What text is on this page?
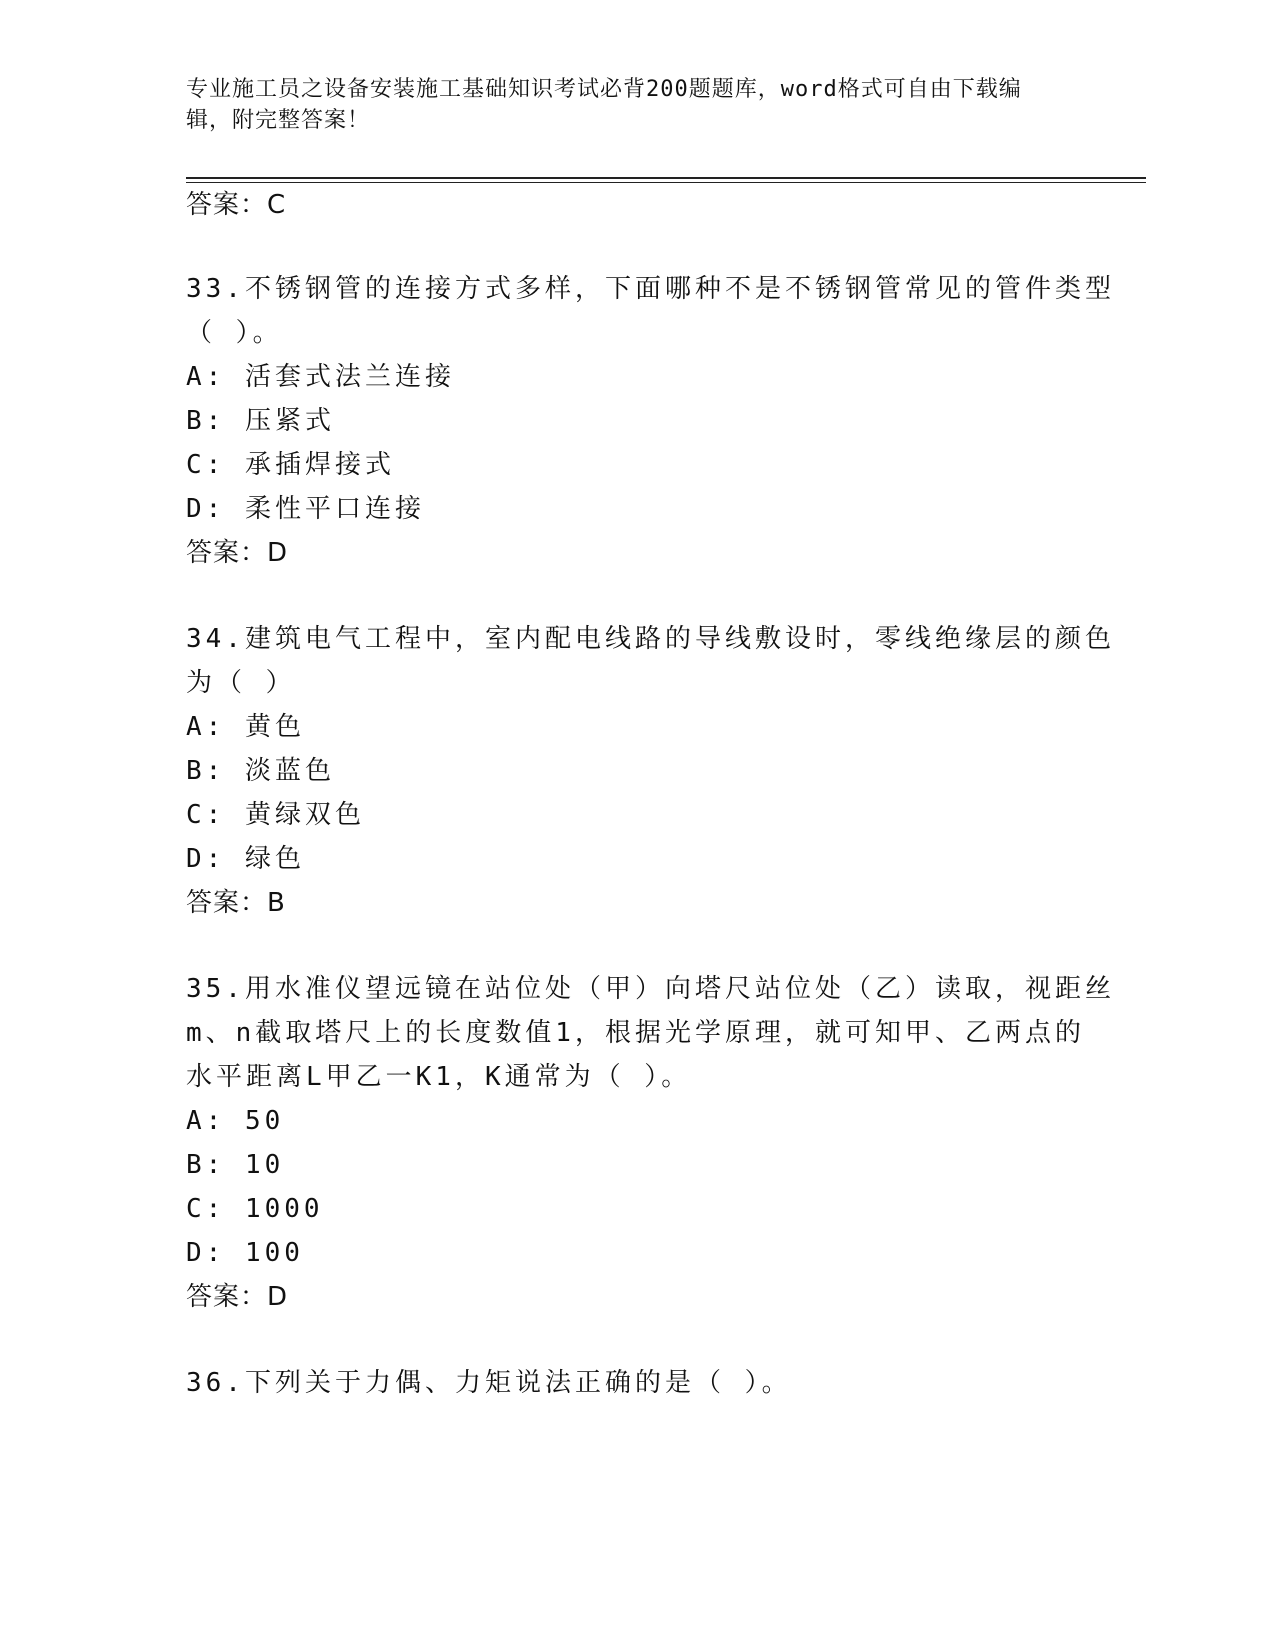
专业施工员之设备安装施工基础知识考试必背200题题库，word格式可自由下载编辑，附完整答案！
答案：C
33.不锈钢管的连接方式多样，下面哪种不是不锈钢管常见的管件类型
（ ）。
A: 活套式法兰连接
B: 压紧式
C: 承插焊接式
D: 柔性平口连接
答案：D
34.建筑电气工程中，室内配电线路的导线敷设时，零线绝缘层的颜色
为（ ）
A: 黄色
B: 淡蓝色
C: 黄绿双色
D: 绿色
答案：B
35.用水准仪望远镜在站位处（甲）向塔尺站位处（乙）读取，视距丝
m、n截取塔尺上的长度数值1，根据光学原理，就可知甲、乙两点的
水平距离L甲乙一K1，K通常为（ ）。
A: 50
B: 10
C: 1000
D: 100
答案：D
36.下列关于力偶、力矩说法正确的是（ ）。
